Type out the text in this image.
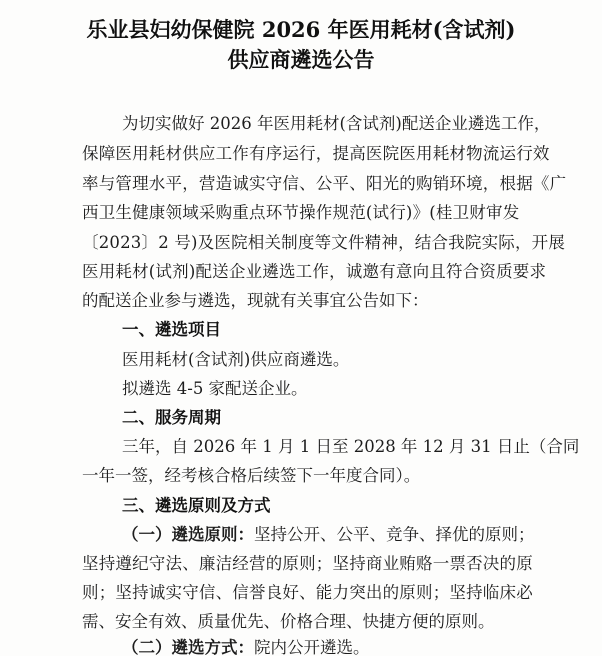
乐业县妇幼保健院 2026 年医用耗材(含试剂)
供应商遴选公告
为切实做好 2026 年医用耗材(含试剂)配送企业遴选工作，
保障医用耗材供应工作有序运行，提高医院医用耗材物流运行效
率与管理水平，营造诚实守信、公平、阳光的购销环境，根据《广
西卫生健康领域采购重点环节操作规范(试行)》(桂卫财审发
〔2023〕2 号)及医院相关制度等文件精神，结合我院实际，开展
医用耗材(试剂)配送企业遴选工作，诚邀有意向且符合资质要求
的配送企业参与遴选，现就有关事宜公告如下：
一、遴选项目
医用耗材(含试剂)供应商遴选。
拟遴选 4-5 家配送企业。
二、服务周期
三年，自 2026 年 1 月 1 日至 2028 年 12 月 31 日止（合同
一年一签，经考核合格后续签下一年度合同）。
三、遴选原则及方式
（一）遴选原则：坚持公开、公平、竞争、择优的原则；
坚持遵纪守法、廉洁经营的原则；坚持商业贿赂一票否决的原
则；坚持诚实守信、信誉良好、能力突出的原则；坚持临床必
需、安全有效、质量优先、价格合理、快捷方便的原则。
（二）遴选方式：院内公开遴选。
